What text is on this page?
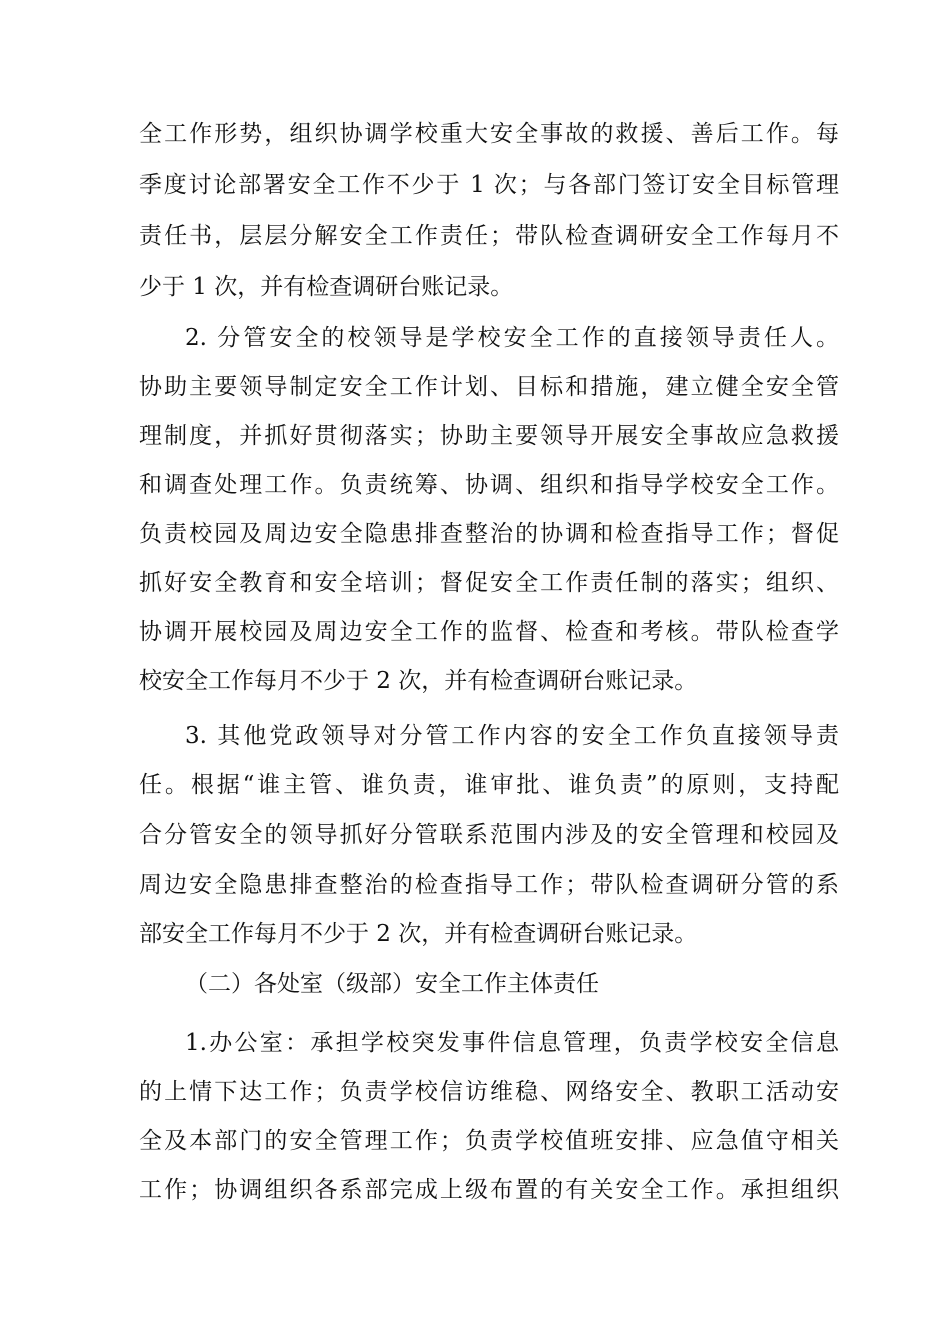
全工作形势，组织协调学校重大安全事故的救援、善后工作。每
季度讨论部署安全工作不少于 1 次；与各部门签订安全目标管理
责任书，层层分解安全工作责任；带队检查调研安全工作每月不
少于 1 次，并有检查调研台账记录。
2. 分管安全的校领导是学校安全工作的直接领导责任人。
协助主要领导制定安全工作计划、目标和措施，建立健全安全管
理制度，并抓好贯彻落实；协助主要领导开展安全事故应急救援
和调查处理工作。负责统筹、协调、组织和指导学校安全工作。
负责校园及周边安全隐患排查整治的协调和检查指导工作；督促
抓好安全教育和安全培训；督促安全工作责任制的落实；组织、
协调开展校园及周边安全工作的监督、检查和考核。带队检查学
校安全工作每月不少于 2 次，并有检查调研台账记录。
3. 其他党政领导对分管工作内容的安全工作负直接领导责
任。根据“谁主管、谁负责，谁审批、谁负责”的原则，支持配
合分管安全的领导抓好分管联系范围内涉及的安全管理和校园及
周边安全隐患排查整治的检查指导工作；带队检查调研分管的系
部安全工作每月不少于 2 次，并有检查调研台账记录。
（二）各处室（级部）安全工作主体责任
1.办公室：承担学校突发事件信息管理，负责学校安全信息
的上情下达工作；负责学校信访维稳、网络安全、教职工活动安
全及本部门的安全管理工作；负责学校值班安排、应急值守相关
工作；协调组织各系部完成上级布置的有关安全工作。承担组织
